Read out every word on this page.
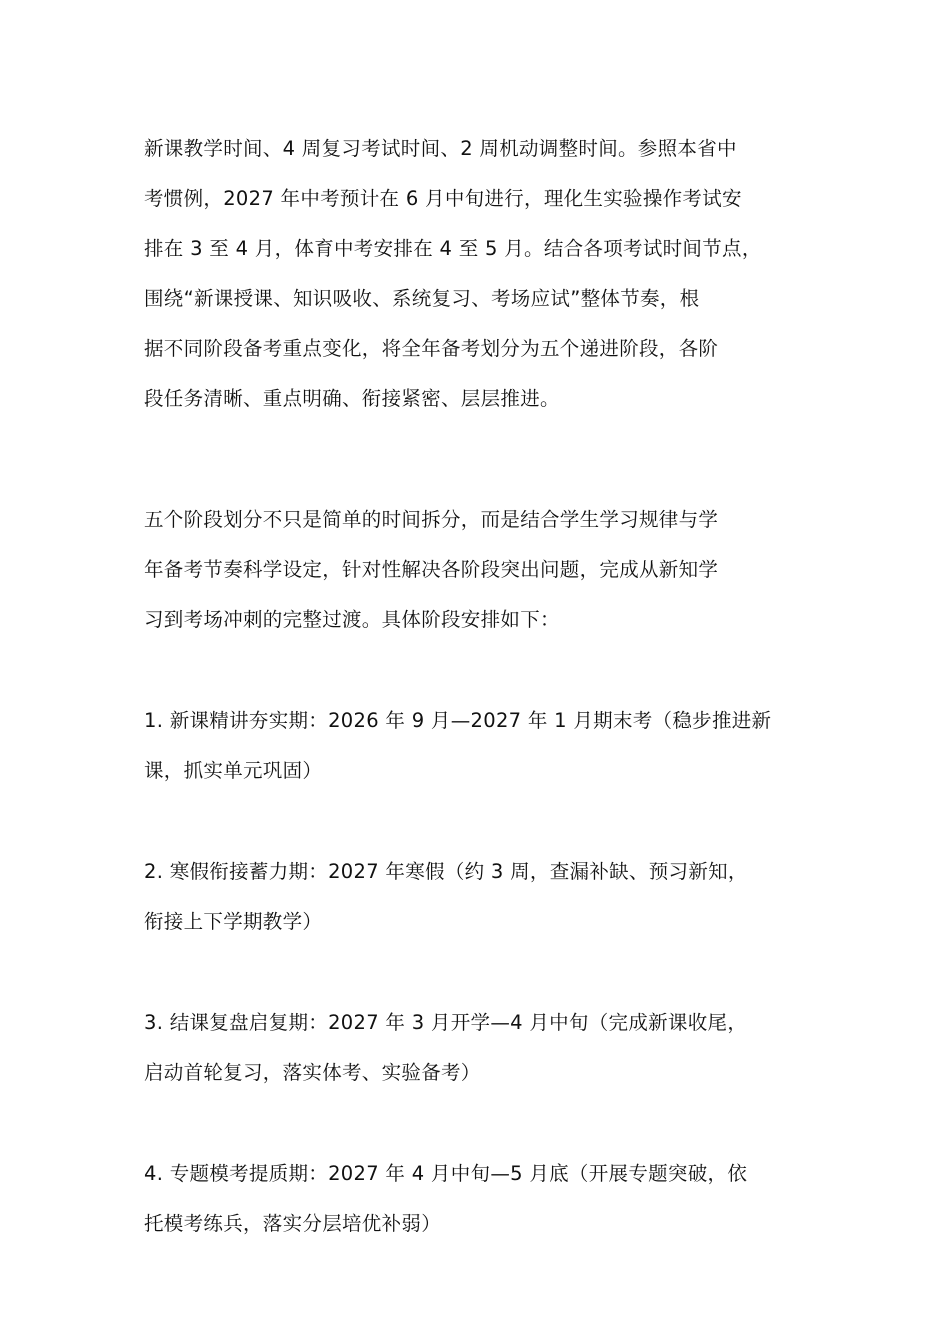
新课教学时间、4 周复习考试时间、2 周机动调整时间。参照本省中
考惯例，2027 年中考预计在 6 月中旬进行，理化生实验操作考试安
排在 3 至 4 月，体育中考安排在 4 至 5 月。结合各项考试时间节点，
围绕“新课授课、知识吸收、系统复习、考场应试”整体节奏，根
据不同阶段备考重点变化，将全年备考划分为五个递进阶段，各阶
段任务清晰、重点明确、衔接紧密、层层推进。

五个阶段划分不只是简单的时间拆分，而是结合学生学习规律与学
年备考节奏科学设定，针对性解决各阶段突出问题，完成从新知学
习到考场冲刺的完整过渡。具体阶段安排如下：

1. 新课精讲夯实期：2026 年 9 月—2027 年 1 月期末考（稳步推进新
课，抓实单元巩固）

2. 寒假衔接蓄力期：2027 年寒假（约 3 周，查漏补缺、预习新知，
衔接上下学期教学）

3. 结课复盘启复期：2027 年 3 月开学—4 月中旬（完成新课收尾，
启动首轮复习，落实体考、实验备考）

4. 专题模考提质期：2027 年 4 月中旬—5 月底（开展专题突破，依
托模考练兵，落实分层培优补弱）
